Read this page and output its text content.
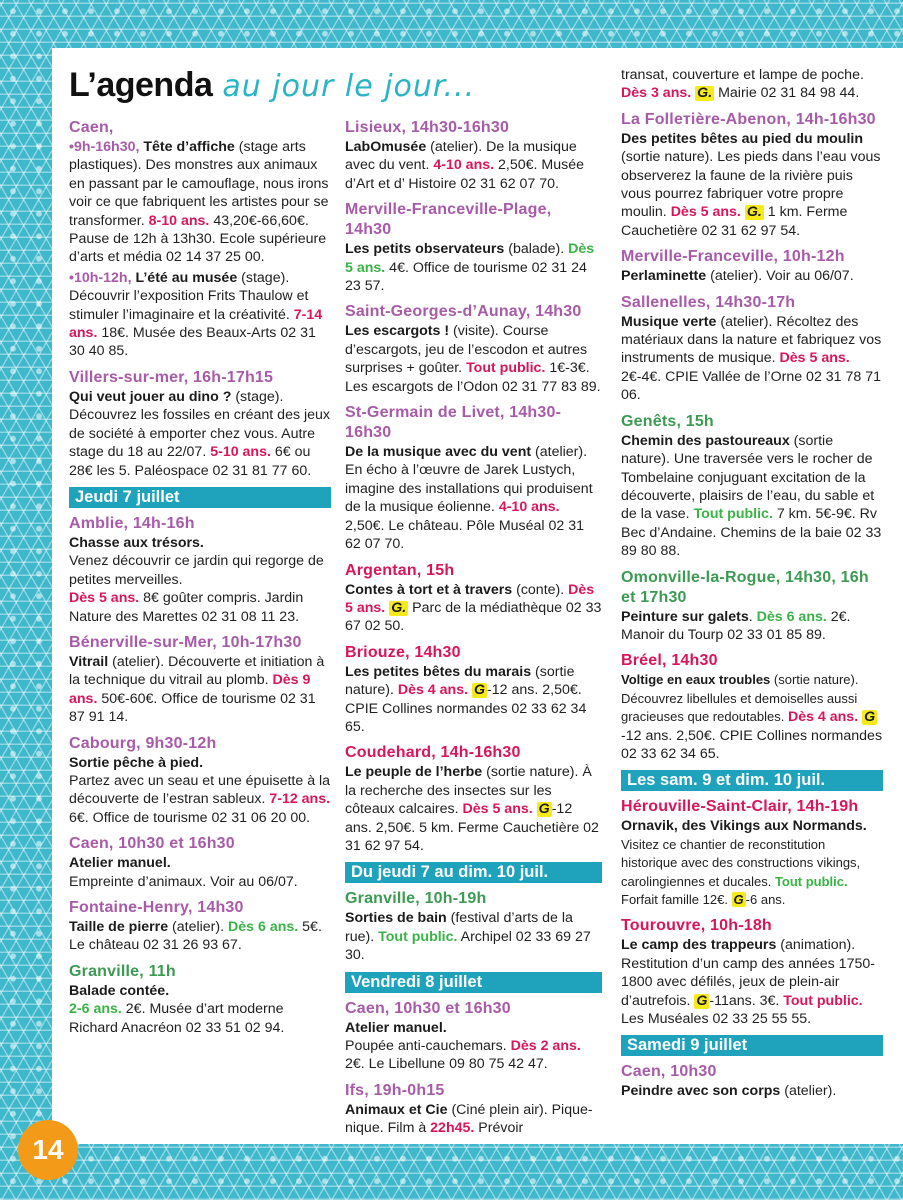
L’agenda au jour le jour...
Caen,

•9h-16h30, Tête d’affiche (stage arts plastiques). Des monstres aux animaux en passant par le camouflage, nous irons voir ce que fabriquent les artistes pour se transformer. 8-10 ans. 43,20€-66,60€. Pause de 12h à 13h30. Ecole supérieure d’arts et média 02 14 37 25 00.

•10h-12h, L’été au musée (stage). Découvrir l’exposition Frits Thaulow et stimuler l’imaginaire et la créativité. 7-14 ans. 18€. Musée des Beaux-Arts 02 31 30 40 85.

Villers-sur-mer, 16h-17h15

Qui veut jouer au dino ? (stage). Découvrez les fossiles en créant des jeux de société à emporter chez vous. Autre stage du 18 au 22/07. 5-10 ans. 6€ ou 28€ les 5. Paléospace 02 31 81 77 60.

Jeudi 7 juillet
Amblie, 14h-16h

Chasse aux trésors.

Venez découvrir ce jardin qui regorge de petites merveilles.

Dès 5 ans. 8€ goûter compris. Jardin Nature des Marettes 02 31 08 11 23.

Bénerville-sur-Mer, 10h-17h30

Vitrail (atelier). Découverte et initiation à la technique du vitrail au plomb. Dès 9 ans. 50€-60€. Office de tourisme 02 31 87 91 14.

Cabourg, 9h30-12h

Sortie pêche à pied.

Partez avec un seau et une épuisette à la découverte de l’estran sableux. 7-12 ans. 6€. Office de tourisme 02 31 06 20 00.

Caen, 10h30 et 16h30

Atelier manuel.

Empreinte d’animaux. Voir au 06/07.

Fontaine-Henry, 14h30

Taille de pierre (atelier). Dès 6 ans. 5€. Le château 02 31 26 93 67.

Granville, 11h

Balade contée.

2-6 ans. 2€. Musée d’art moderne Richard Anacréon 02 33 51 02 94.

Lisieux, 14h30-16h30

LabOmusée (atelier). De la musique avec du vent. 4-10 ans. 2,50€. Musée d’Art et d’ Histoire 02 31 62 07 70.

Merville-Franceville-Plage, 14h30

Les petits observateurs (balade). Dès 5 ans. 4€. Office de tourisme 02 31 24 23 57.

Saint-Georges-d’Aunay, 14h30

Les escargots ! (visite). Course d’escargots, jeu de l’escodon et autres surprises + goûter. Tout public. 1€-3€. Les escargots de l’Odon 02 31 77 83 89.

St-Germain de Livet, 14h30-16h30

De la musique avec du vent (atelier). En écho à l’œuvre de Jarek Lustych, imagine des installations qui produisent de la musique éolienne. 4-10 ans. 2,50€. Le château. Pôle Muséal 02 31 62 07 70.

Argentan, 15h

Contes à tort et à travers (conte). Dès 5 ans. G. Parc de la médiathèque 02 33 67 02 50.

Briouze, 14h30

Les petites bêtes du marais (sortie nature). Dès 4 ans. G -12 ans. 2,50€. CPIE Collines normandes 02 33 62 34 65.

Coudehard, 14h-16h30

Le peuple de l’herbe (sortie nature). À la recherche des insectes sur les côteaux calcaires. Dès 5 ans. G -12 ans. 2,50€. 5 km. Ferme Cauchetière 02 31 62 97 54.

Du jeudi 7 au dim. 10 juil.
Granville, 10h-19h

Sorties de bain (festival d’arts de la rue). Tout public. Archipel 02 33 69 27 30.

Vendredi 8 juillet
Caen, 10h30 et 16h30

Atelier manuel.

Poupée anti-cauchemars. Dès 2 ans. 2€. Le Libellune 09 80 75 42 47.

Ifs, 19h-0h15

Animaux et Cie (Ciné plein air). Pique-nique. Film à 22h45. Prévoir

transat, couverture et lampe de poche. Dès 3 ans. G. Mairie 02 31 84 98 44.

La Follетière-Abenon, 14h-16h30

Des petites bêtes au pied du moulin (sortie nature). Les pieds dans l’eau vous observerez la faune de la rivière puis vous pourrez fabriquer votre propre moulin. Dès 5 ans. G. 1 km. Ferme Cauchetière 02 31 62 97 54.

Merville-Franceville, 10h-12h

Perlaminette (atelier). Voir au 06/07.

Sallenelles, 14h30-17h

Musique verte (atelier). Récoltez des matériaux dans la nature et fabriquez vos instruments de musique. Dès 5 ans. 2€-4€. CPIE Vallée de l’Orne 02 31 78 71 06.

Genêts, 15h

Chemin des pastoureaux (sortie nature). Une traversée vers le rocher de Tombelaine conjuguant excitation de la découverte, plaisirs de l’eau, du sable et de la vase. Tout public. 7 km. 5€-9€. Rv Bec d’Andaine. Chemins de la baie 02 33 89 80 88.

Omonville-la-Rogue, 14h30, 16h et 17h30

Peinture sur galets. Dès 6 ans. 2€. Manoir du Tourp 02 33 01 85 89.

Bréel, 14h30

Voltige en eaux troubles (sortie nature). Découvrez libellules et demoiselles aussi gracieuses que redoutables. Dès 4 ans. G-12 ans. 2,50€. CPIE Collines normandes 02 33 62 34 65.

Les sam. 9 et dim. 10 juil.
Hérouville-Saint-Clair, 14h-19h

Ornavik, des Vikings aux Normands.

Visitez ce chantier de reconstitution historique avec des constructions vikings, carolingiennes et ducales. Tout public. Forfait famille 12€. G -6 ans.

Tourouvre, 10h-18h

Le camp des trappeurs (animation). Restitution d’un camp des années 1750-1800 avec défilés, jeux de plein-air d’autrefois. G -11ans. 3€. Tout public. Les Muséales 02 33 25 55 55.

Samedi 9 juillet
Caen, 10h30

Peindre avec son corps (atelier).

14
